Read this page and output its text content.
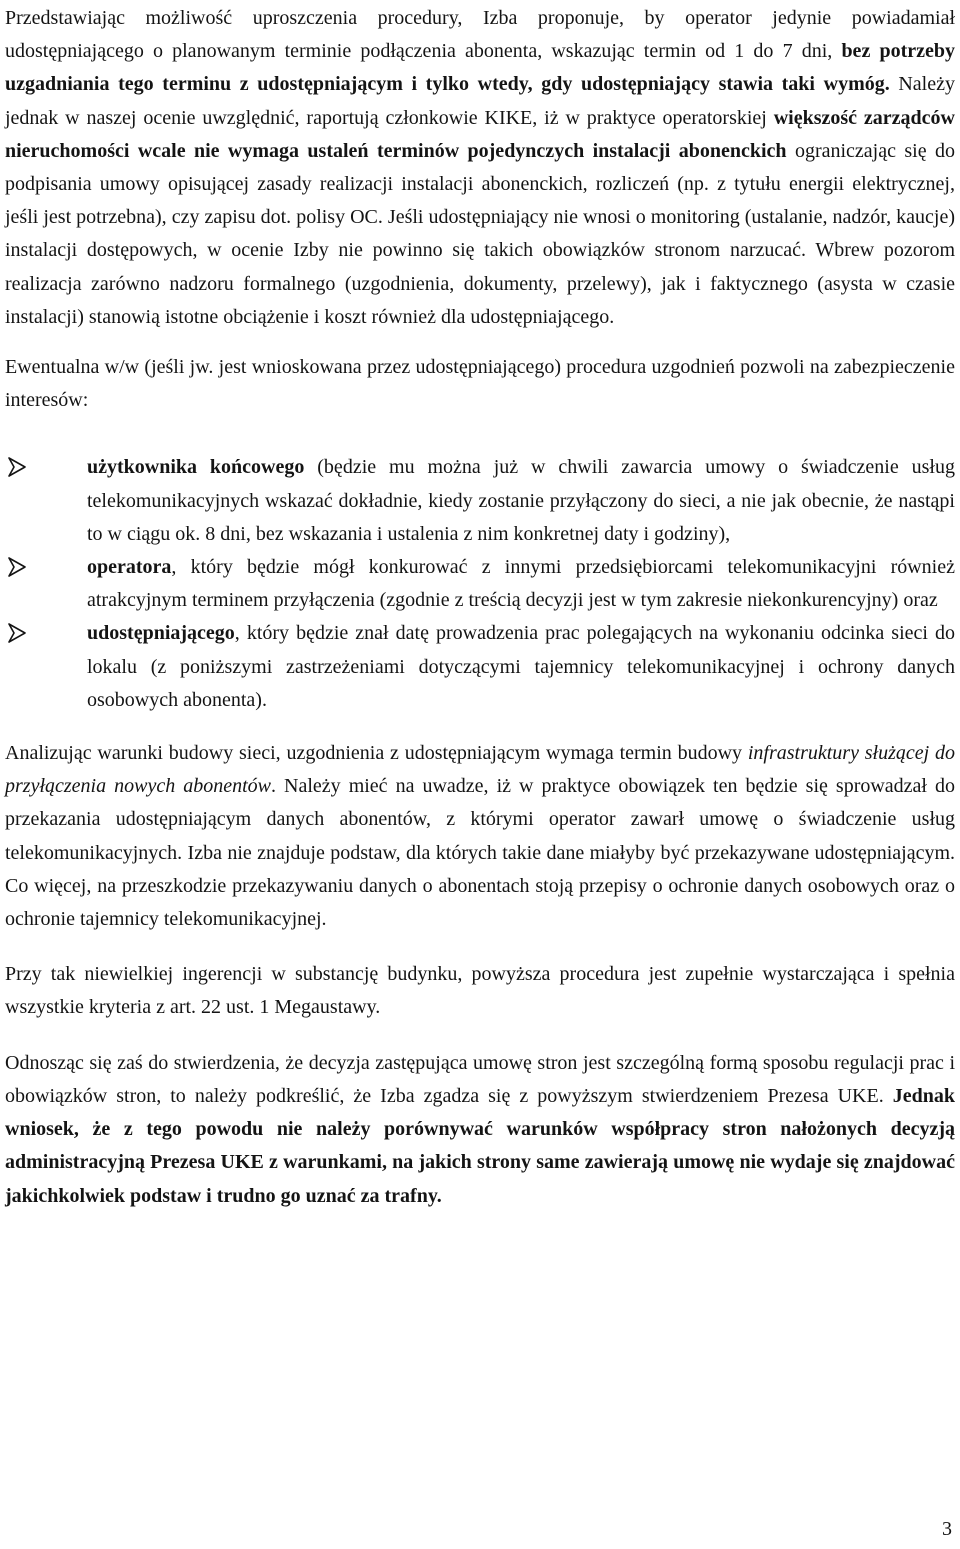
Przedstawiając możliwość uproszczenia procedury, Izba proponuje, by operator jedynie powiadamiał udostępniającego o planowanym terminie podłączenia abonenta, wskazując termin od 1 do 7 dni, bez potrzeby uzgadniania tego terminu z udostępniającym i tylko wtedy, gdy udostępniający stawia taki wymóg. Należy jednak w naszej ocenie uwzględnić, raportują członkowie KIKE, iż w praktyce operatorskiej większość zarządców nieruchomości wcale nie wymaga ustaleń terminów pojedynczych instalacji abonenckich ograniczając się do podpisania umowy opisującej zasady realizacji instalacji abonenckich, rozliczeń (np. z tytułu energii elektrycznej, jeśli jest potrzebna), czy zapisu dot. polisy OC. Jeśli udostępniający nie wnosi o monitoring (ustalanie, nadzór, kaucje) instalacji dostępowych, w ocenie Izby nie powinno się takich obowiązków stronom narzucać. Wbrew pozorom realizacja zarówno nadzoru formalnego (uzgodnienia, dokumenty, przelewy), jak i faktycznego (asysta w czasie instalacji) stanowią istotne obciążenie i koszt również dla udostępniającego.

Ewentualna w/w (jeśli jw. jest wnioskowana przez udostępniającego) procedura uzgodnień pozwoli na zabezpieczenie interesów:

użytkownika końcowego (będzie mu można już w chwili zawarcia umowy o świadczenie usług telekomunikacyjnych wskazać dokładnie, kiedy zostanie przyłączony do sieci, a nie jak obecnie, że nastąpi to w ciągu ok. 8 dni, bez wskazania i ustalenia z nim konkretnej daty i godziny),
operatora, który będzie mógł konkurować z innymi przedsiębiorcami telekomunikacyjni również atrakcyjnym terminem przyłączenia (zgodnie z treścią decyzji jest w tym zakresie niekonkurencyjny) oraz
udostępniającego, który będzie znał datę prowadzenia prac polegających na wykonaniu odcinka sieci do lokalu (z poniższymi zastrzeżeniami dotyczącymi tajemnicy telekomunikacyjnej i ochrony danych osobowych abonenta).

Analizując warunki budowy sieci, uzgodnienia z udostępniającym wymaga termin budowy infrastruktury służącej do przyłączenia nowych abonentów. Należy mieć na uwadze, iż w praktyce obowiązek ten będzie się sprowadzał do przekazania udostępniającym danych abonentów, z którymi operator zawarł umowę o świadczenie usług telekomunikacyjnych. Izba nie znajduje podstaw, dla których takie dane miałyby być przekazywane udostępniającym. Co więcej, na przeszkodzie przekazywaniu danych o abonentach stoją przepisy o ochronie danych osobowych oraz o ochronie tajemnicy telekomunikacyjnej.

Przy tak niewielkiej ingerencji w substancję budynku, powyższa procedura jest zupełnie wystarczająca i spełnia wszystkie kryteria z art. 22 ust. 1 Megaustawy.

Odnosząc się zaś do stwierdzenia, że decyzja zastępująca umowę stron jest szczególną formą sposobu regulacji prac i obowiązków stron, to należy podkreślić, że Izba zgadza się z powyższym stwierdzeniem Prezesa UKE. Jednak wniosek, że z tego powodu nie należy porównywać warunków współpracy stron nałożonych decyzją administracyjną Prezesa UKE z warunkami, na jakich strony same zawierają umowę nie wydaje się znajdować jakichkolwiek podstaw i trudno go uznać za trafny.

3
